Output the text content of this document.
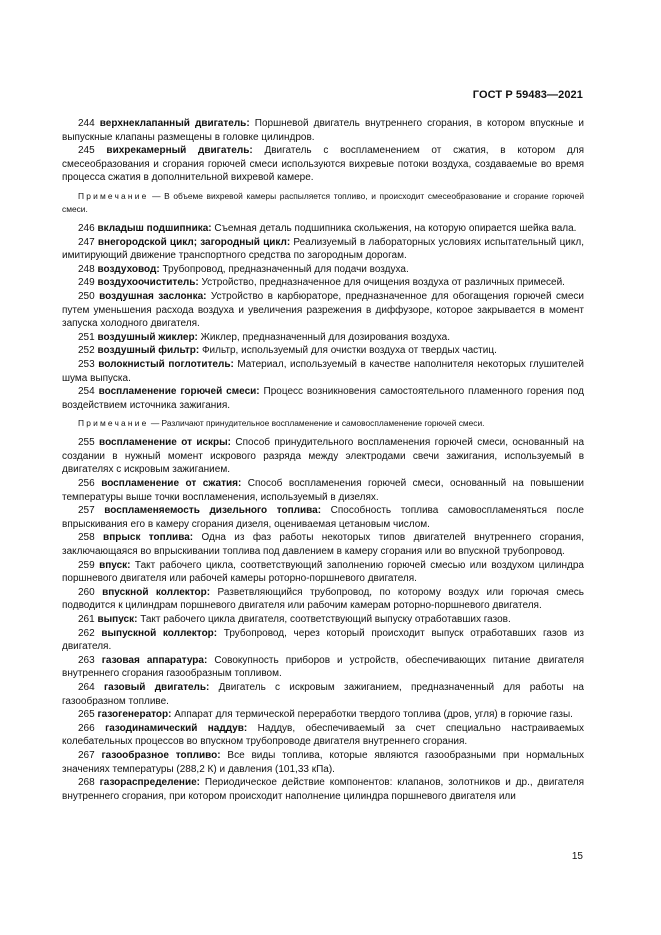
ГОСТ Р 59483—2021

244 верхнеклапанный двигатель: Поршневой двигатель внутреннего сгорания, в котором впускные и выпускные клапаны размещены в головке цилиндров.

245 вихрекамерный двигатель: Двигатель с воспламенением от сжатия, в котором для смесеобразования и сгорания горючей смеси используются вихревые потоки воздуха, создаваемые во время процесса сжатия в дополнительной вихревой камере.

Примечание — В объеме вихревой камеры распыляется топливо, и происходит смесеобразование и сгорание горючей смеси.

246 вкладыш подшипника: Съемная деталь подшипника скольжения, на которую опирается шейка вала.

247 внегородской цикл; загородный цикл: Реализуемый в лабораторных условиях испытательный цикл, имитирующий движение транспортного средства по загородным дорогам.

248 воздуховод: Трубопровод, предназначенный для подачи воздуха.

249 воздухоочиститель: Устройство, предназначенное для очищения воздуха от различных примесей.

250 воздушная заслонка: Устройство в карбюраторе, предназначенное для обогащения горючей смеси путем уменьшения расхода воздуха и увеличения разрежения в диффузоре, которое закрывается в момент запуска холодного двигателя.

251 воздушный жиклер: Жиклер, предназначенный для дозирования воздуха.

252 воздушный фильтр: Фильтр, используемый для очистки воздуха от твердых частиц.

253 волокнистый поглотитель: Материал, используемый в качестве наполнителя некоторых глушителей шума выпуска.

254 воспламенение горючей смеси: Процесс возникновения самостоятельного пламенного горения под воздействием источника зажигания.

Примечание — Различают принудительное воспламенение и самовоспламенение горючей смеси.

255 воспламенение от искры: Способ принудительного воспламенения горючей смеси, основанный на создании в нужный момент искрового разряда между электродами свечи зажигания, используемый в двигателях с искровым зажиганием.

256 воспламенение от сжатия: Способ воспламенения горючей смеси, основанный на повышении температуры выше точки воспламенения, используемый в дизелях.

257 воспламеняемость дизельного топлива: Способность топлива самовоспламеняться после впрыскивания его в камеру сгорания дизеля, оцениваемая цетановым числом.

258 впрыск топлива: Одна из фаз работы некоторых типов двигателей внутреннего сгорания, заключающаяся во впрыскивании топлива под давлением в камеру сгорания или во впускной трубопровод.

259 впуск: Такт рабочего цикла, соответствующий заполнению горючей смесью или воздухом цилиндра поршневого двигателя или рабочей камеры роторно-поршневого двигателя.

260 впускной коллектор: Разветвляющийся трубопровод, по которому воздух или горючая смесь подводится к цилиндрам поршневого двигателя или рабочим камерам роторно-поршневого двигателя.

261 выпуск: Такт рабочего цикла двигателя, соответствующий выпуску отработавших газов.

262 выпускной коллектор: Трубопровод, через который происходит выпуск отработавших газов из двигателя.

263 газовая аппаратура: Совокупность приборов и устройств, обеспечивающих питание двигателя внутреннего сгорания газообразным топливом.

264 газовый двигатель: Двигатель с искровым зажиганием, предназначенный для работы на газообразном топливе.

265 газогенератор: Аппарат для термической переработки твердого топлива (дров, угля) в горючие газы.

266 газодинамический наддув: Наддув, обеспечиваемый за счет специально настраиваемых колебательных процессов во впускном трубопроводе двигателя внутреннего сгорания.

267 газообразное топливо: Все виды топлива, которые являются газообразными при нормальных значениях температуры (288,2 К) и давления (101,33 кПа).

268 газораспределение: Периодическое действие компонентов: клапанов, золотников и др., двигателя внутреннего сгорания, при котором происходит наполнение цилиндра поршневого двигателя или

15
